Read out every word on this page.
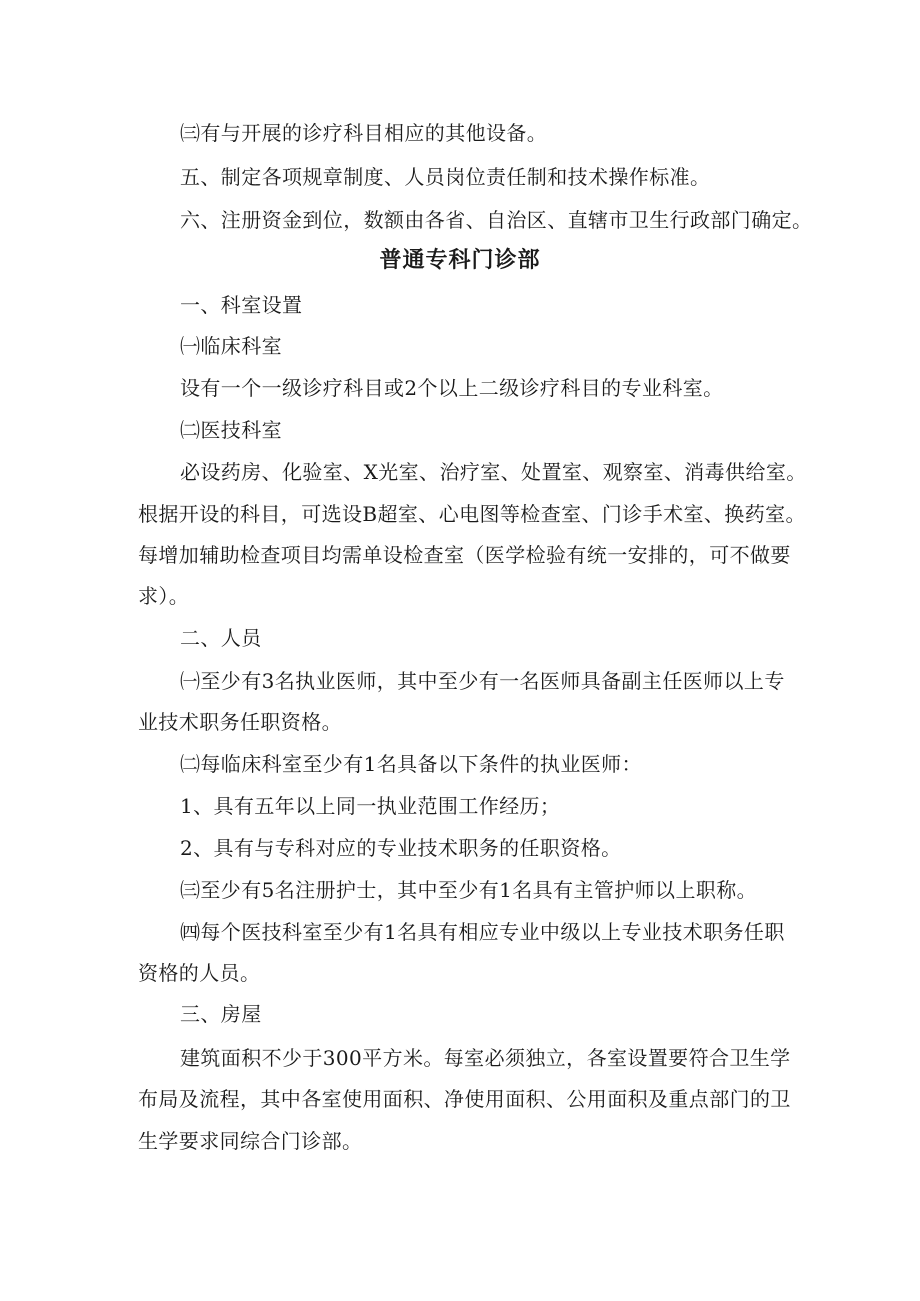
㈢有与开展的诊疗科目相应的其他设备。
五、制定各项规章制度、人员岗位责任制和技术操作标准。
六、注册资金到位，数额由各省、自治区、直辖市卫生行政部门确定。
普通专科门诊部
一、科室设置
㈠临床科室
设有一个一级诊疗科目或2个以上二级诊疗科目的专业科室。
㈡医技科室
必设药房、化验室、X光室、治疗室、处置室、观察室、消毒供给室。
根据开设的科目，可选设B超室、心电图等检查室、门诊手术室、换药室。
每增加辅助检查项目均需单设检查室（医学检验有统一安排的，可不做要
求）。
二、人员
㈠至少有3名执业医师，其中至少有一名医师具备副主任医师以上专
业技术职务任职资格。
㈡每临床科室至少有1名具备以下条件的执业医师：
1、具有五年以上同一执业范围工作经历；
2、具有与专科对应的专业技术职务的任职资格。
㈢至少有5名注册护士，其中至少有1名具有主管护师以上职称。
㈣每个医技科室至少有1名具有相应专业中级以上专业技术职务任职
资格的人员。
三、房屋
建筑面积不少于300平方米。每室必须独立，各室设置要符合卫生学
布局及流程，其中各室使用面积、净使用面积、公用面积及重点部门的卫
生学要求同综合门诊部。
